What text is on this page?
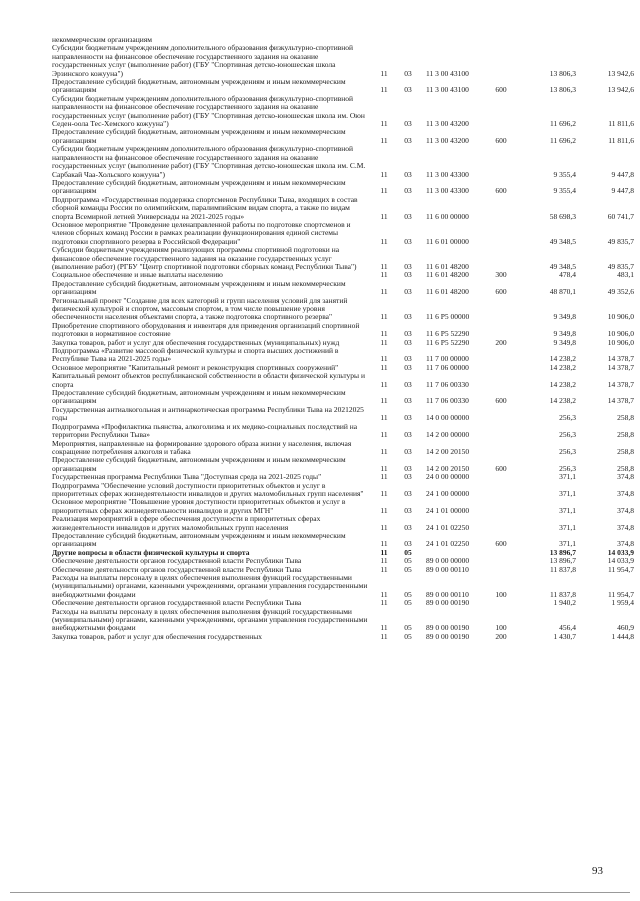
некоммерческим организациям						
Субсидии бюджетным учреждениям дополнительного образования физкультурно-спортивной направленности на финансовое обеспечение государственного задания на оказание государственных услуг (выполнение работ) (ГБУ "Спортивная детско-юношеская школа Эрзинского кожууна")	11	03	11 3 00 43100		13 806,3	13 942,6
Предоставление субсидий бюджетным, автономным учреждениям и иным некоммерческим организациям	11	03	11 3 00 43100	600	13 806,3	13 942,6
Субсидии бюджетным учреждениям дополнительного образования физкультурно-спортивной направленности на финансовое обеспечение государственного задания на оказание государственных услуг (выполнение работ) (ГБУ "Спортивная детско-юношеская школа им. Оюн Седен-оола Тес-Хемского кожууна")	11	03	11 3 00 43200		11 696,2	11 811,6
Предоставление субсидий бюджетным, автономным учреждениям и иным некоммерческим организациям	11	03	11 3 00 43200	600	11 696,2	11 811,6
Субсидии бюджетным учреждениям дополнительного образования физкультурно-спортивной направленности на финансовое обеспечение государственного задания на оказание государственных услуг (выполнение работ) (ГБУ "Спортивная детско-юношеская школа им. С.М. Сарбакай Чаа-Хольского кожууна")	11	03	11 3 00 43300		9 355,4	9 447,8
Предоставление субсидий бюджетным, автономным учреждениям и иным некоммерческим организациям	11	03	11 3 00 43300	600	9 355,4	9 447,8
Подпрограмма «Государственная поддержка спортсменов Республики Тыва, входящих в состав сборной команды России по олимпийским, паралимпийским видам спорта, а также по видам спорта Всемирной летней Универсиады на 2021-2025 годы»	11	03	11 6 00 00000		58 698,3	60 741,7
Основное мероприятие "Проведение целенаправленной работы по подготовке спортсменов и членов сборных команд России в рамках реализации функционирования единой системы подготовки спортивного резерва в Российской Федерации"	11	03	11 6 01 00000		49 348,5	49 835,7
Субсидии бюджетным учреждениям реализующих программы спортивной подготовки на финансовое обеспечение государственного задания на оказание государственных услуг (выполнение работ) (РГБУ "Центр спортивной подготовки сборных команд Республики Тыва")	11	03	11 6 01 48200		49 348,5	49 835,7
Социальное обеспечение и иные выплаты населению	11	03	11 6 01 48200	300	478,4	483,1
Предоставление субсидий бюджетным, автономным учреждениям и иным некоммерческим организациям	11	03	11 6 01 48200	600	48 870,1	49 352,6
Региональный проект "Создание для всех категорий и групп населения условий для занятий физической культурой и спортом, массовым спортом, в том числе повышение уровня обеспеченности населения объектами спорта, а также подготовка спортивного резерва"	11	03	11 6 P5 00000		9 349,8	10 906,0
Приобретение спортивного оборудования и инвентаря для приведения организаций спортивной подготовки в нормативное состояние	11	03	11 6 P5 52290		9 349,8	10 906,0
Закупка товаров, работ и услуг для обеспечения государственных (муниципальных) нужд	11	03	11 6 P5 52290	200	9 349,8	10 906,0
Подпрограмма «Развитие массовой физической культуры и спорта высших достижений в Республике Тыва на 2021-2025 годы»	11	03	11 7 00 00000		14 238,2	14 378,7
Основное мероприятие "Капитальный ремонт и реконструкция спортивных сооружений"	11	03	11 7 06 00000		14 238,2	14 378,7
Капитальный ремонт объектов республиканской собственности в области физической культуры и спорта	11	03	11 7 06 00330		14 238,2	14 378,7
Предоставление субсидий бюджетным, автономным учреждениям и иным некоммерческим организациям	11	03	11 7 06 00330	600	14 238,2	14 378,7
Государственная антиалкогольная и антинаркотическая программа Республики Тыва на 20212025 годы	11	03	14 0 00 00000		256,3	258,8
Подпрограмма «Профилактика пьянства, алкоголизма и их медико-социальных последствий на территории Республики Тыва»	11	03	14 2 00 00000		256,3	258,8
Мероприятия, направленные на формирование здорового образа жизни у населения, включая сокращение потребления алкоголя и табака	11	03	14 2 00 20150		256,3	258,8
Предоставление субсидий бюджетным, автономным учреждениям и иным некоммерческим организациям	11	03	14 2 00 20150	600	256,3	258,8
Государственная программа Республики Тыва "Доступная среда на 2021-2025 годы"	11	03	24 0 00 00000		371,1	374,8
Подпрограмма "Обеспечение условий доступности приоритетных объектов и услуг в приоритетных сферах жизнедеятельности инвалидов и других маломобильных групп населения"	11	03	24 1 00 00000		371,1	374,8
Основное мероприятие "Повышение уровня доступности приоритетных объектов и услуг в приоритетных сферах жизнедеятельности инвалидов и других МГН"	11	03	24 1 01 00000		371,1	374,8
Реализация мероприятий в сфере обеспечения доступности в приоритетных сферах жизнедеятельности инвалидов и других маломобильных групп населения	11	03	24 1 01 02250		371,1	374,8
Предоставление субсидий бюджетным, автономным учреждениям и иным некоммерческим организациям	11	03	24 1 01 02250	600	371,1	374,8
Другие вопросы в области физической культуры и спорта	11	05			13 896,7	14 033,9
Обеспечение деятельности органов государственной власти Республики Тыва	11	05	89 0 00 00000		13 896,7	14 033,9
Обеспечение деятельности органов государственной власти Республики Тыва	11	05	89 0 00 00110		11 837,8	11 954,7
Расходы на выплаты персоналу в целях обеспечения выполнения функций государственными (муниципальными) органами, казенными учреждениями, органами управления государственными внебюджетными фондами	11	05	89 0 00 00110	100	11 837,8	11 954,7
Обеспечение деятельности органов государственной власти Республики Тыва	11	05	89 0 00 00190		1 940,2	1 959,4
Расходы на выплаты персоналу в целях обеспечения выполнения функций государственными (муниципальными) органами, казенными учреждениями, органами управления государственными внебюджетными фондами	11	05	89 0 00 00190	100	456,4	460,9
Закупка товаров, работ и услуг для обеспечения государственных	11	05	89 0 00 00190	200	1 430,7	1 444,8
93
